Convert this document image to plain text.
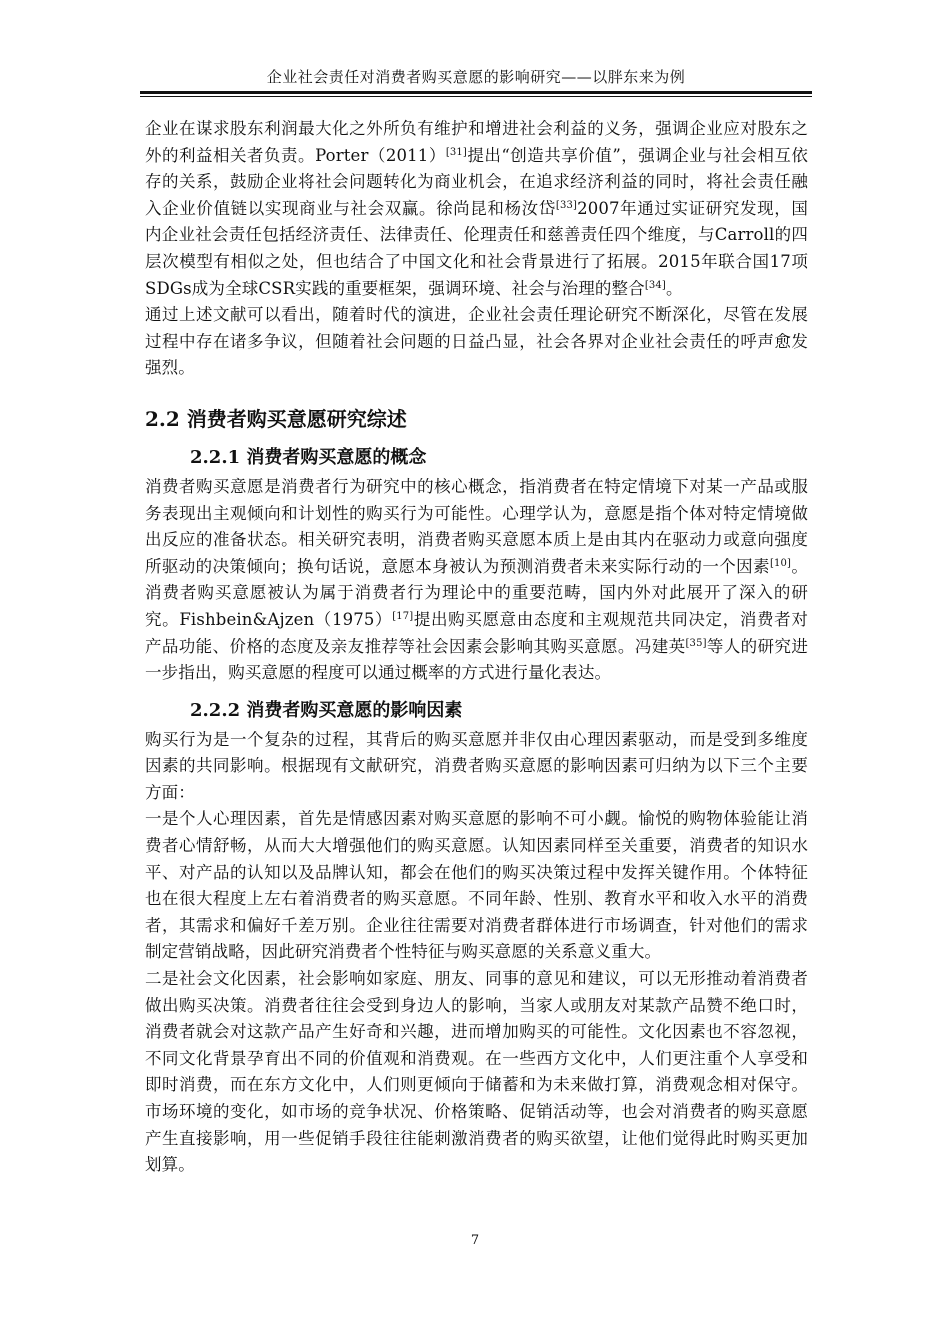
企业社会责任对消费者购买意愿的影响研究——以胖东来为例

企业在谋求股东利润最大化之外所负有维护和增进社会利益的义务，强调企业应对股东之外的利益相关者负责。Porter（2011）[31]提出“创造共享价值”，强调企业与社会相互依存的关系，鼓励企业将社会问题转化为商业机会，在追求经济利益的同时，将社会责任融入企业价值链以实现商业与社会双赢。徐尚昆和杨汝岱[33]2007年通过实证研究发现，国内企业社会责任包括经济责任、法律责任、伦理责任和慈善责任四个维度，与Carroll的四层次模型有相似之处，但也结合了中国文化和社会背景进行了拓展。2015年联合国17项SDGs成为全球CSR实践的重要框架，强调环境、社会与治理的整合[34]。

通过上述文献可以看出，随着时代的演进，企业社会责任理论研究不断深化，尽管在发展过程中存在诸多争议，但随着社会问题的日益凸显，社会各界对企业社会责任的呼声愈发强烈。

2.2 消费者购买意愿研究综述
2.2.1 消费者购买意愿的概念

消费者购买意愿是消费者行为研究中的核心概念，指消费者在特定情境下对某一产品或服务表现出主观倾向和计划性的购买行为可能性。心理学认为，意愿是指个体对特定情境做出反应的准备状态。相关研究表明，消费者购买意愿本质上是由其内在驱动力或意向强度所驱动的决策倾向；换句话说，意愿本身被认为预测消费者未来实际行动的一个因素[10]。消费者购买意愿被认为属于消费者行为理论中的重要范畴，国内外对此展开了深入的研究。Fishbein&Ajzen（1975）[17]提出购买愿意由态度和主观规范共同决定，消费者对产品功能、价格的态度及亲友推荐等社会因素会影响其购买意愿。冯建英[35]等人的研究进一步指出，购买意愿的程度可以通过概率的方式进行量化表达。

2.2.2 消费者购买意愿的影响因素

购买行为是一个复杂的过程，其背后的购买意愿并非仅由心理因素驱动，而是受到多维度因素的共同影响。根据现有文献研究，消费者购买意愿的影响因素可归纳为以下三个主要方面：

一是个人心理因素，首先是情感因素对购买意愿的影响不可小觑。愉悦的购物体验能让消费者心情舒畅，从而大大增强他们的购买意愿。认知因素同样至关重要，消费者的知识水平、对产品的认知以及品牌认知，都会在他们的购买决策过程中发挥关键作用。个体特征也在很大程度上左右着消费者的购买意愿。不同年龄、性别、教育水平和收入水平的消费者，其需求和偏好千差万别。企业往往需要对消费者群体进行市场调查，针对他们的需求制定营销战略，因此研究消费者个性特征与购买意愿的关系意义重大。

二是社会文化因素，社会影响如家庭、朋友、同事的意见和建议，可以无形推动着消费者做出购买决策。消费者往往会受到身边人的影响，当家人或朋友对某款产品赞不绝口时，消费者就会对这款产品产生好奇和兴趣，进而增加购买的可能性。文化因素也不容忽视，不同文化背景孕育出不同的价值观和消费观。在一些西方文化中，人们更注重个人享受和即时消费，而在东方文化中，人们则更倾向于储蓄和为未来做打算，消费观念相对保守。市场环境的变化，如市场的竞争状况、价格策略、促销活动等，也会对消费者的购买意愿产生直接影响，用一些促销手段往往能刺激消费者的购买欲望，让他们觉得此时购买更加划算。

7
